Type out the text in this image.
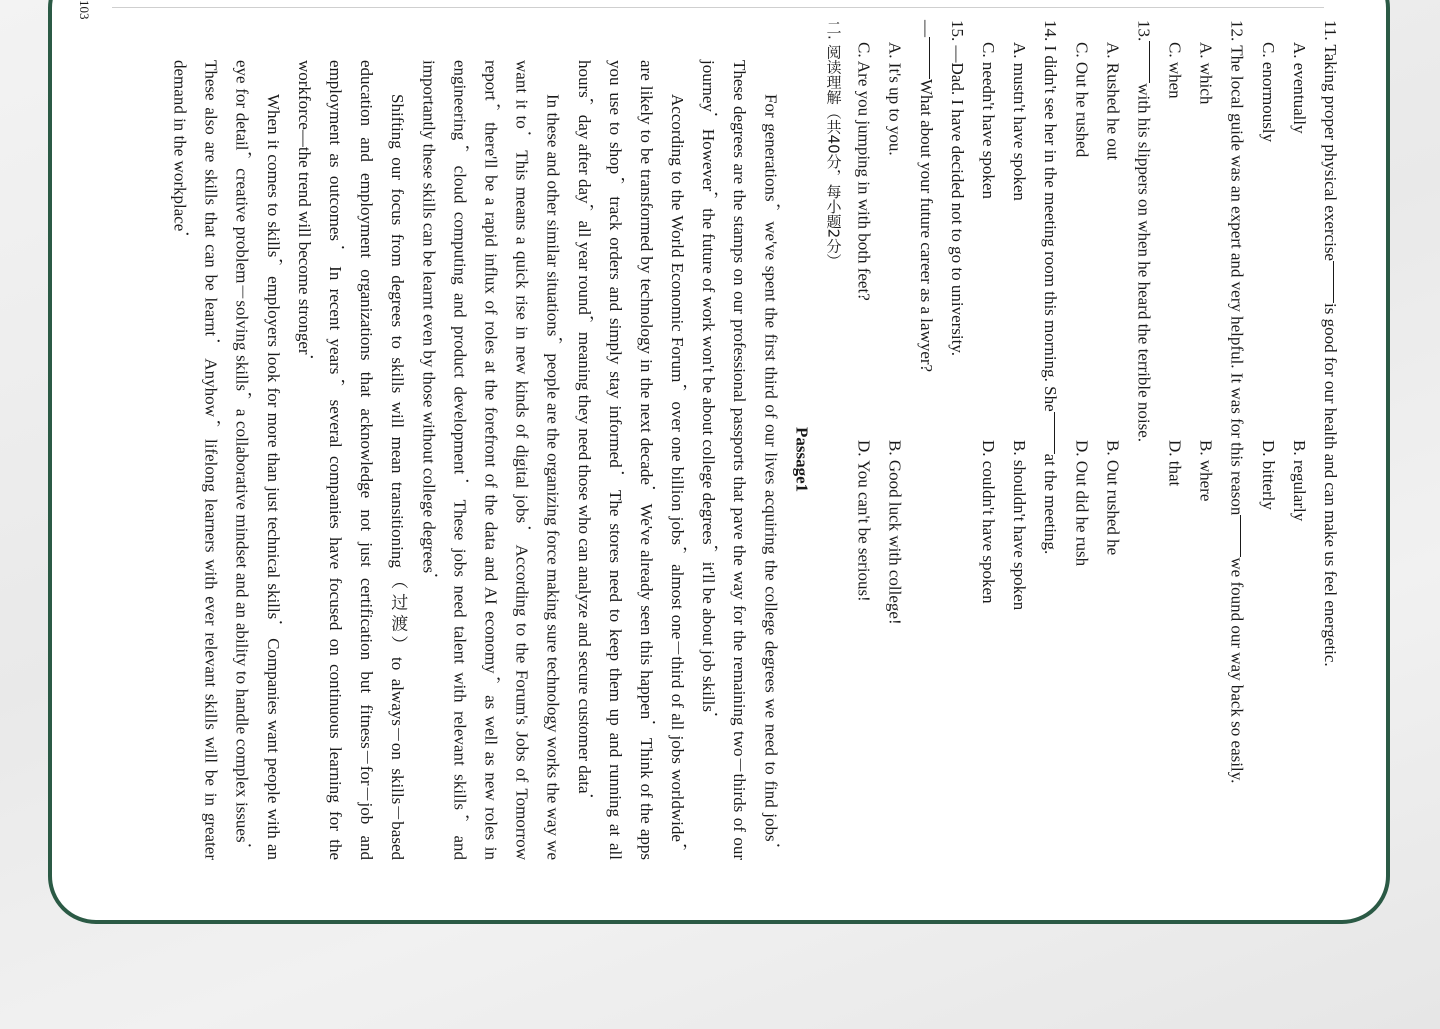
103
11. Taking proper physical exerciseis good for our health and can make us feel energetic.
A. eventuallyB. regularly
C. enormouslyD. bitterly
12. The local guide was an expert and very helpful. It was for this reasonwe found our way back so easily.
A. whichB. where
C. whenD. that
13.with his slippers on when he heard the terrible noise.
A. Rushed he outB. Out rushed he
C. Out he rushedD. Out did he rush
14. I didn't see her in the meeting room this morning. Sheat the meeting.
A. mustn't have spokenB. shouldn't have spoken
C. needn't have spokenD. couldn't have spoken
15. —Dad. I have decided not to go to university.
—What about your future career as a lawyer?
A. It's up to you.B. Good luck with college!
C. Are you jumping in with both feet?D. You can't be serious!
二. 阅读理解（共40分，每小题2分）
Passage1
For generations，we've spent the first third of our lives acquiring the college degrees we need to find jobs．These degrees are the stamps on our professional passports that pave the way for the remaining two－thirds of our journey．However，the future of work won't be about college degrees，it'll be about job skills．
According to the World Economic Forum，over one billion jobs，almost one－third of all jobs worldwide，are likely to be transformed by technology in the next decade．We've already seen this happen．Think of the apps you use to shop，track orders and simply stay informed．The stores need to keep them up and running at all hours，day after day，all year round，meaning they need those who can analyze and secure customer data．
In these and other similar situations，people are the organizing force making sure technology works the way we want it to．This means a quick rise in new kinds of digital jobs．According to the Forum's Jobs of Tomorrow report，there'll be a rapid influx of roles at the forefront of the data and AI economy，as well as new roles in engineering，cloud computing and product development．These jobs need talent with relevant skills，and importantly these skills can be learnt even by those without college degrees．
Shifting our focus from degrees to skills will mean transitioning（过渡）to always－on skills－based education and employment organizations that acknowledge not just certification but fitness－for－job and employment as outcomes．In recent years，several companies have focused on continuous learning for the workforce—the trend will become stronger．
When it comes to skills，employers look for more than just technical skills．Companies want people with an eye for detail，creative problem－solving skills，a collaborative mindset and an ability to handle complex issues．These also are skills that can be learnt．Anyhow，lifelong learners with ever relevant skills will be in greater demand in the workplace．
